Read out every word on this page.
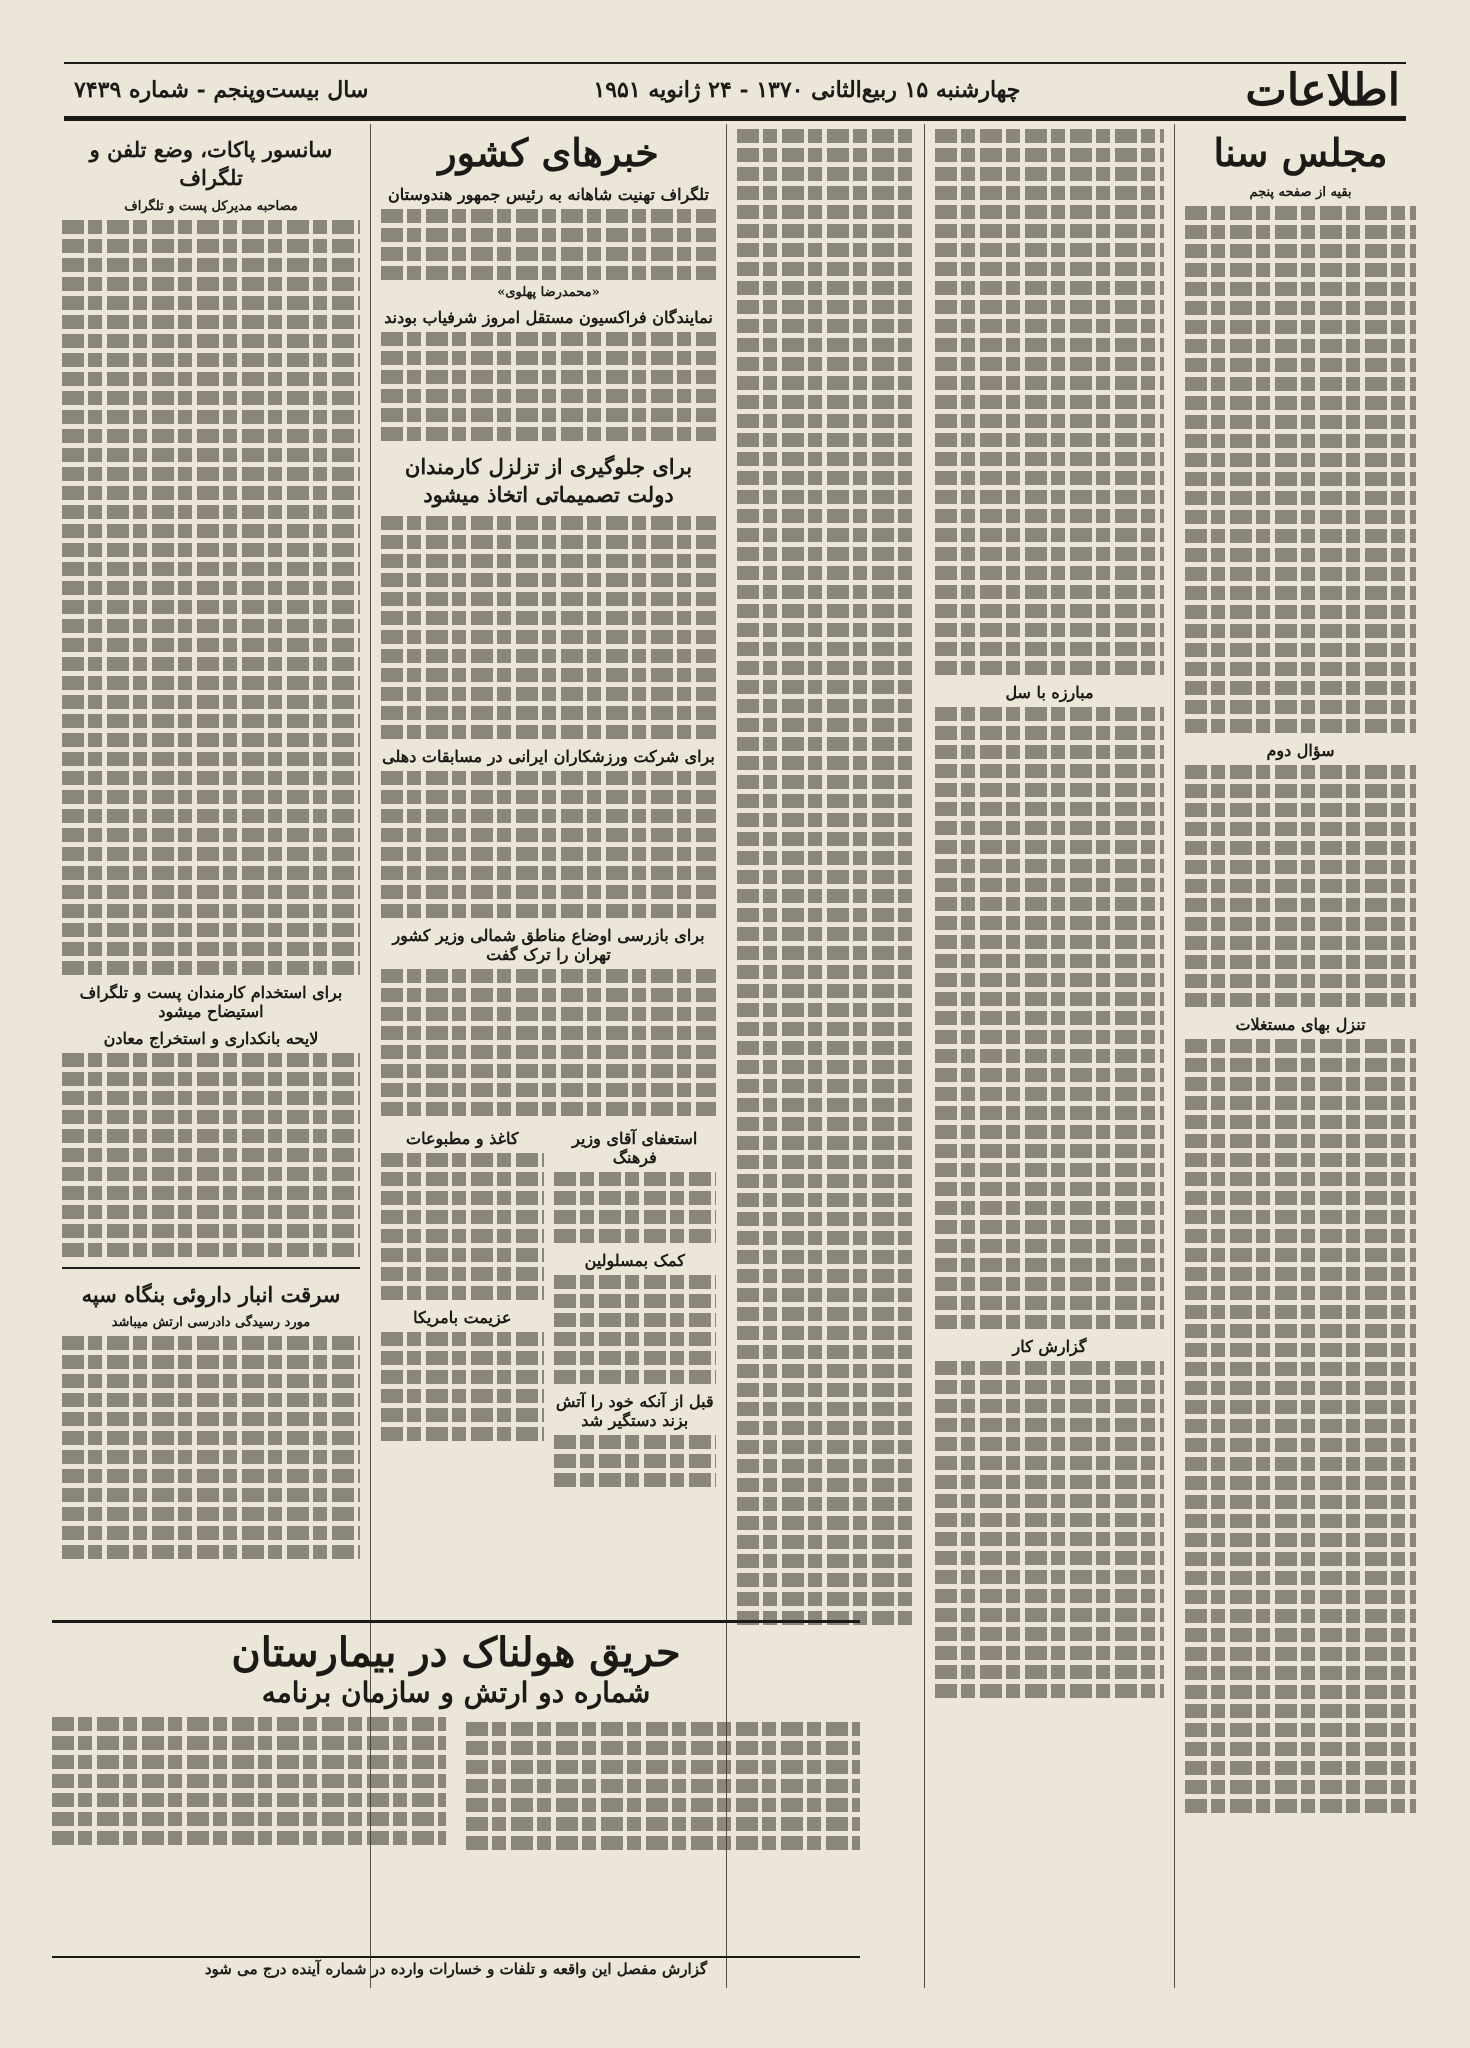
اطلاعات
چهارشنبه ۱۵ ربیع‌الثانی ۱۳۷۰ - ۲۴ ژانویه ۱۹۵۱
سال بیست‌وپنجم - شماره ۷۴۳۹
مجلس سنا
بقیه از صفحه پنجم
سؤال دوم
تنزل بهای مستغلات
مبارزه با سل
گزارش کار
خبرهای کشور
تلگراف تهنیت شاهانه به رئیس جمهور هندوستان
«محمدرضا پهلوی»
نمایندگان فراکسیون مستقل امروز شرفیاب بودند
برای جلوگیری از تزلزل کارمندان دولت تصمیماتی اتخاذ میشود
برای شرکت ورزشکاران ایرانی در مسابقات دهلی
برای بازرسی اوضاع مناطق شمالی وزیر کشور تهران را ترک گفت
استعفای آقای وزیر فرهنگ
کمک بمسلولین
قبل از آنکه خود را آتش بزند دستگیر شد
کاغذ و مطبوعات
عزیمت بامریکا
سانسور پاکات، وضع تلفن و تلگراف
مصاحبه مدیرکل پست و تلگراف
برای استخدام کارمندان پست و تلگراف استیضاح میشود
لایحه بانکداری و استخراج معادن
سرقت انبار داروئی بنگاه سپه
مورد رسیدگی دادرسی ارتش میباشد
حریق هولناک در بیمارستان
شماره دو ارتش و سازمان برنامه
گزارش مفصل این واقعه و تلفات و خسارات وارده در شماره آینده درج می شود
